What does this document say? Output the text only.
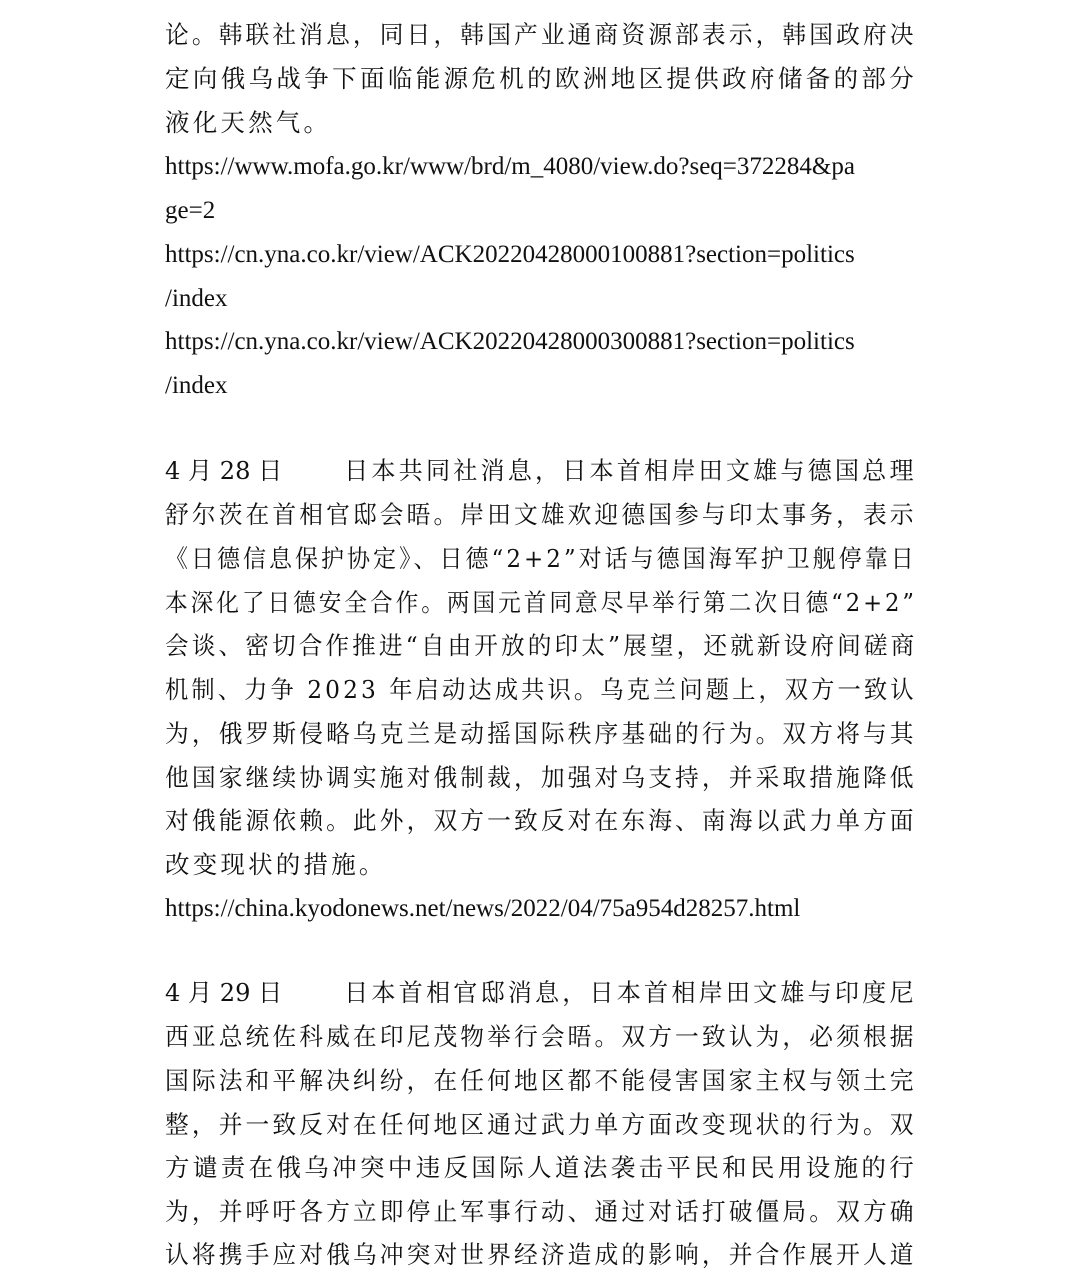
论。韩联社消息，同日，韩国产业通商资源部表示，韩国政府决
定向俄乌战争下面临能源危机的欧洲地区提供政府储备的部分
液化天然气。
https://www.mofa.go.kr/www/brd/m_4080/view.do?seq=372284&pa
ge=2
https://cn.yna.co.kr/view/ACK20220428000100881?section=politics
/index
https://cn.yna.co.kr/view/ACK20220428000300881?section=politics
/index
4 月 28 日	日本共同社消息，日本首相岸田文雄与德国总理
舒尔茨在首相官邸会晤。岸田文雄欢迎德国参与印太事务，表示
《日德信息保护协定》、日德“2+2”对话与德国海军护卫舰停靠日
本深化了日德安全合作。两国元首同意尽早举行第二次日德“2+2”
会谈、密切合作推进“自由开放的印太”展望，还就新设府间磋商
机制、力争 2023 年启动达成共识。乌克兰问题上，双方一致认
为，俄罗斯侵略乌克兰是动摇国际秩序基础的行为。双方将与其
他国家继续协调实施对俄制裁，加强对乌支持，并采取措施降低
对俄能源依赖。此外，双方一致反对在东海、南海以武力单方面
改变现状的措施。
https://china.kyodonews.net/news/2022/04/75a954d28257.html
4 月 29 日	日本首相官邸消息，日本首相岸田文雄与印度尼
西亚总统佐科威在印尼茂物举行会晤。双方一致认为，必须根据
国际法和平解决纠纷，在任何地区都不能侵害国家主权与领土完
整，并一致反对在任何地区通过武力单方面改变现状的行为。双
方谴责在俄乌冲突中违反国际人道法袭击平民和民用设施的行
为，并呼吁各方立即停止军事行动、通过对话打破僵局。双方确
认将携手应对俄乌冲突对世界经济造成的影响，并合作展开人道
